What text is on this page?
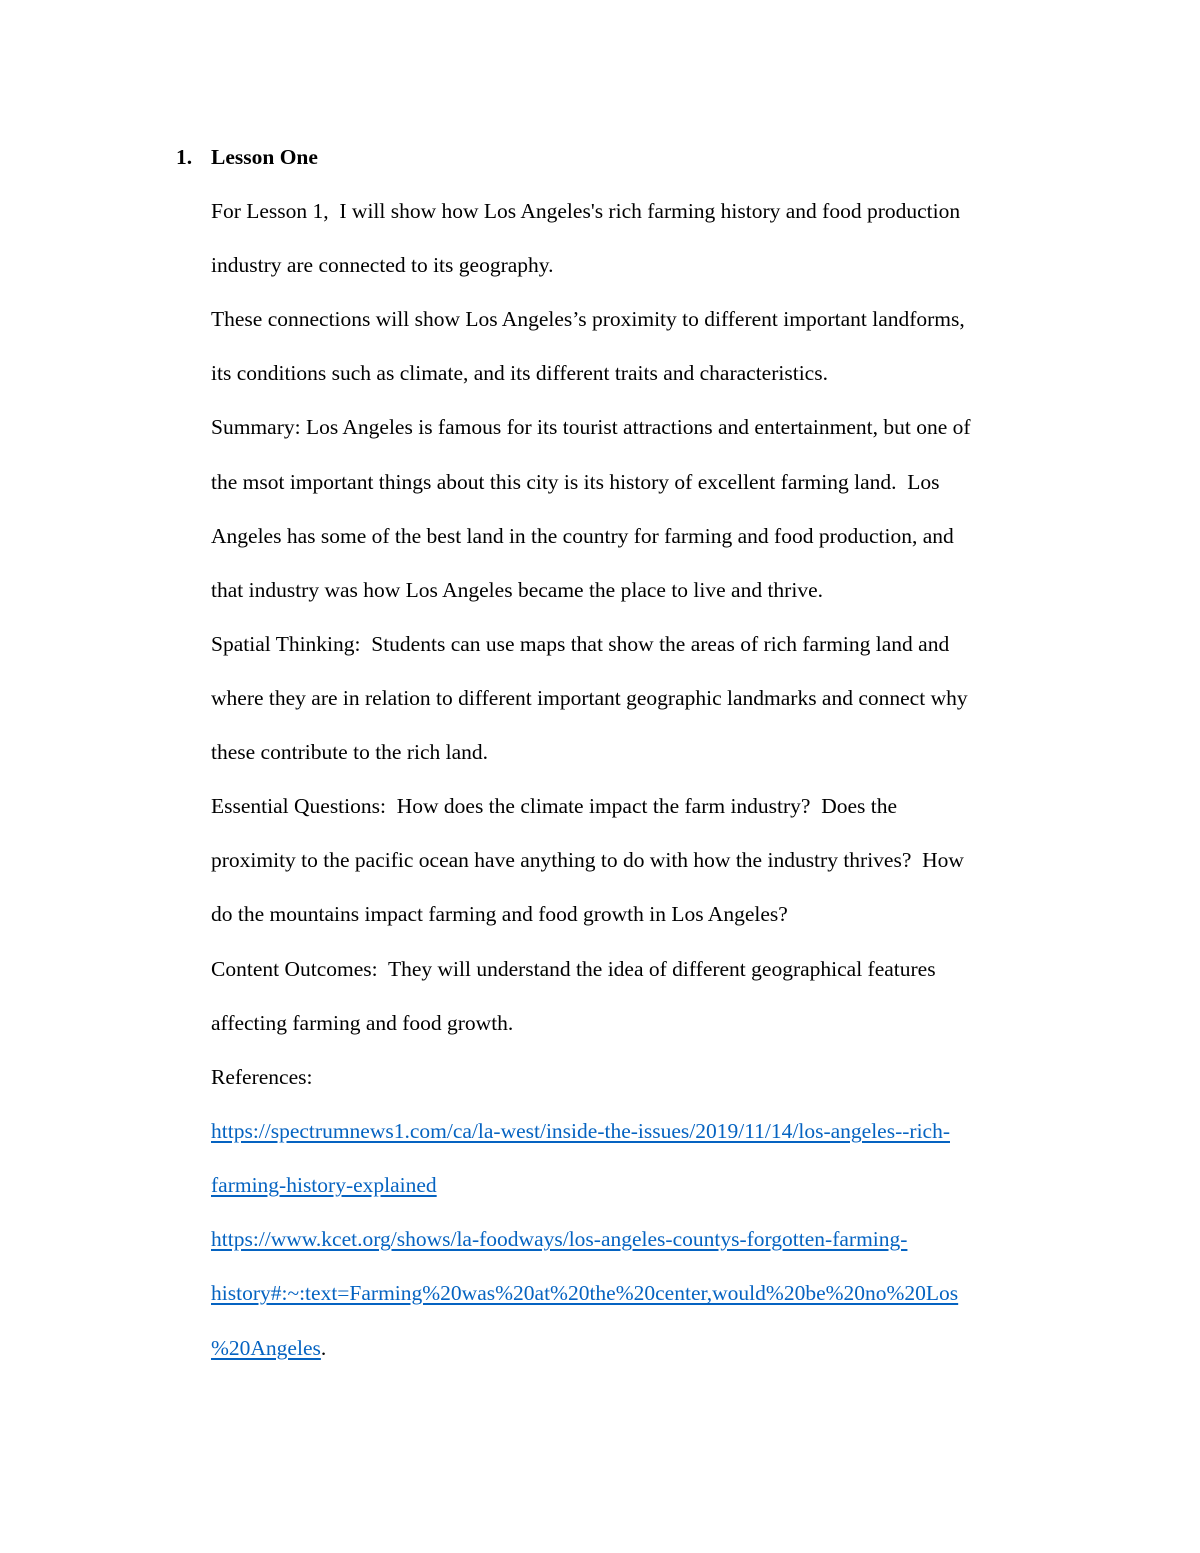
1. Lesson One
For Lesson 1,  I will show how Los Angeles's rich farming history and food production
industry are connected to its geography.
These connections will show Los Angeles’s proximity to different important landforms,
its conditions such as climate, and its different traits and characteristics.
Summary: Los Angeles is famous for its tourist attractions and entertainment, but one of
the msot important things about this city is its history of excellent farming land.  Los
Angeles has some of the best land in the country for farming and food production, and
that industry was how Los Angeles became the place to live and thrive.
Spatial Thinking:  Students can use maps that show the areas of rich farming land and
where they are in relation to different important geographic landmarks and connect why
these contribute to the rich land.
Essential Questions:  How does the climate impact the farm industry?  Does the
proximity to the pacific ocean have anything to do with how the industry thrives?  How
do the mountains impact farming and food growth in Los Angeles?
Content Outcomes:  They will understand the idea of different geographical features
affecting farming and food growth.
References:
https://spectrumnews1.com/ca/la-west/inside-the-issues/2019/11/14/los-angeles--rich-
farming-history-explained
https://www.kcet.org/shows/la-foodways/los-angeles-countys-forgotten-farming-
history#:~:text=Farming%20was%20at%20the%20center,would%20be%20no%20Los
%20Angeles.
